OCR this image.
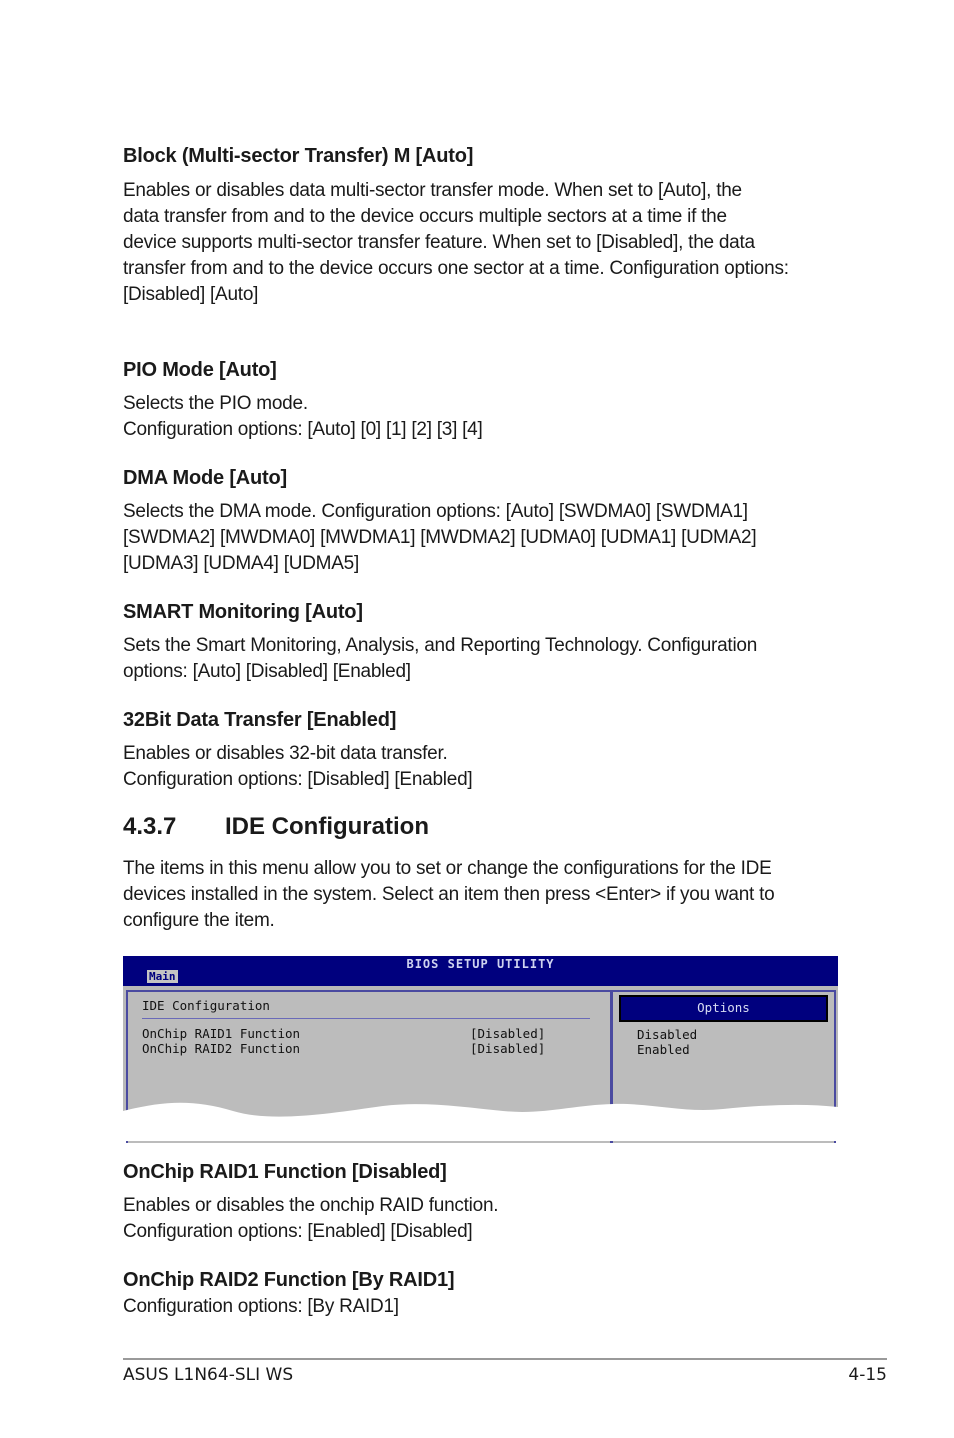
Block (Multi-sector Transfer) M [Auto]
Enables or disables data multi-sector transfer mode. When set to [Auto], the
data transfer from and to the device occurs multiple sectors at a time if the
device supports multi-sector transfer feature. When set to [Disabled], the data
transfer from and to the device occurs one sector at a time. Configuration options:
[Disabled] [Auto]
PIO Mode [Auto]
Selects the PIO mode.
Configuration options: [Auto] [0] [1] [2] [3] [4]
DMA Mode [Auto]
Selects the DMA mode. Configuration options: [Auto] [SWDMA0] [SWDMA1]
[SWDMA2] [MWDMA0] [MWDMA1] [MWDMA2] [UDMA0] [UDMA1] [UDMA2]
[UDMA3] [UDMA4] [UDMA5]
SMART Monitoring [Auto]
Sets the Smart Monitoring, Analysis, and Reporting Technology. Configuration
options: [Auto] [Disabled] [Enabled]
32Bit Data Transfer [Enabled]
Enables or disables 32-bit data transfer.
Configuration options: [Disabled] [Enabled]
4.3.7 IDE Configuration
The items in this menu allow you to set or change the configurations for the IDE
devices installed in the system. Select an item then press <Enter> if you want to
configure the item.
BIOS SETUP UTILITY
Main
IDE Configuration
OnChip RAID1 Function	[Disabled]
OnChip RAID2 Function	[Disabled]
Options
Disabled
Enabled
OnChip RAID1 Function [Disabled]
Enables or disables the onchip RAID function.
Configuration options: [Enabled] [Disabled]
OnChip RAID2 Function [By RAID1]
Configuration options: [By RAID1]
ASUS L1N64-SLI WS	4-15
